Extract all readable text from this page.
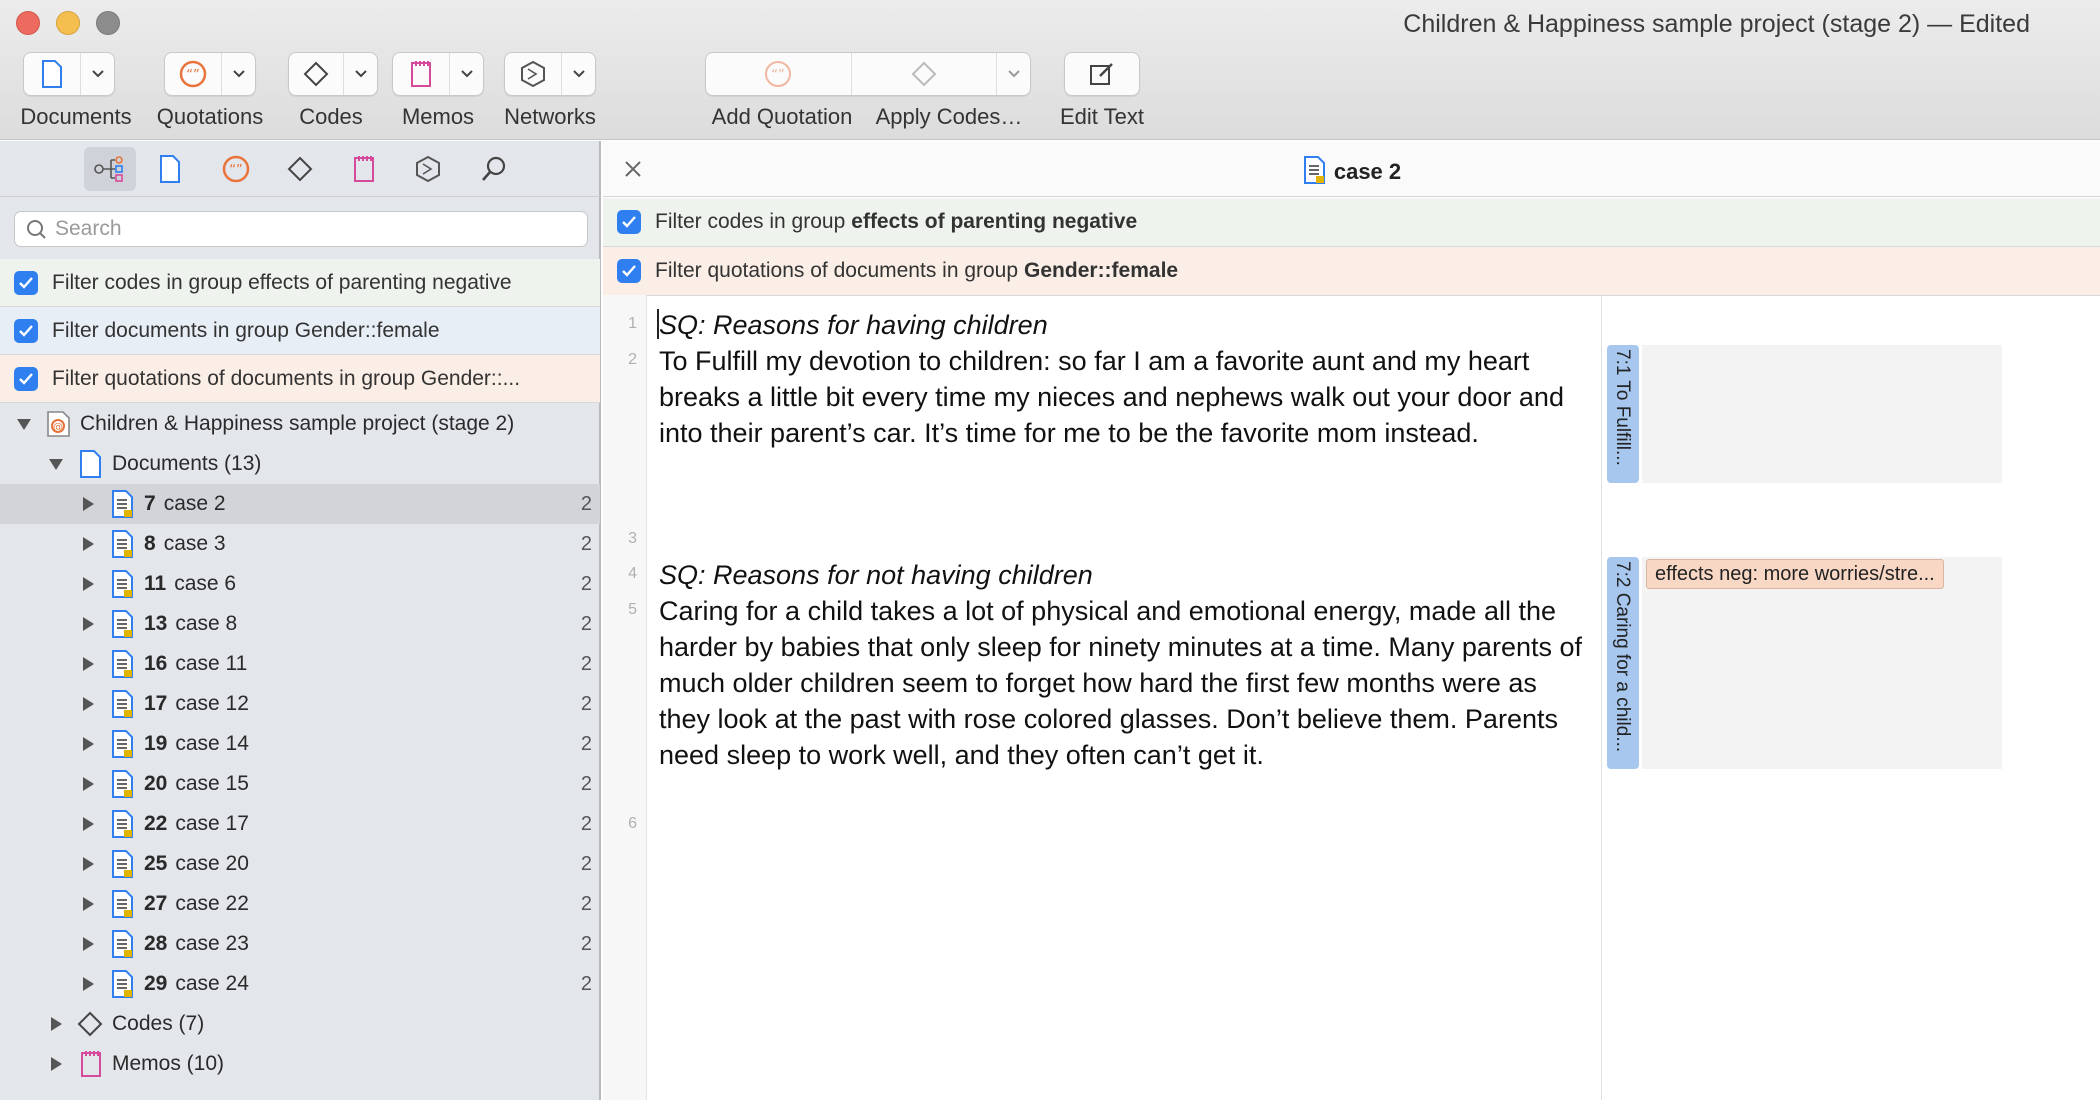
Children & Happiness sample project (stage 2) — Edited
Documents
“”
Quotations Codes Memos Networks
“”
Add Quotation Apply Codes… Edit Text
“”
Search
Filter codes in group effects of parenting negative
Filter documents in group Gender::female
Filter quotations of documents in group Gender::...
@ Children & Happiness sample project (stage 2)
Documents (13)
7 case 2	2
8 case 3	2
11 case 6	2
13 case 8	2
16 case 11	2
17 case 12	2
19 case 14	2
20 case 15	2
22 case 17	2
25 case 20	2
27 case 22	2
28 case 23	2
29 case 24	2
Codes (7)
Memos (10)
case 2
Filter codes in group effects of parenting negative
Filter quotations of documents in group Gender::female
1
2
3
4
5
6
SQ: Reasons for having children
To Fulfill my devotion to children: so far I am a favorite aunt and my heart breaks a little bit every time my nieces and nephews walk out your door and into their parent’s car. It’s time for me to be the favorite mom instead.
SQ: Reasons for not having children
Caring for a child takes a lot of physical and emotional energy, made all the harder by babies that only sleep for ninety minutes at a time. Many parents of much older children seem to forget how hard the first few months were as they look at the past with rose colored glasses. Don’t believe them. Parents need sleep to work well, and they often can’t get it.
7:1 To Fulfill...
7:2 Caring for a child...	effects neg: more worries/stre...
